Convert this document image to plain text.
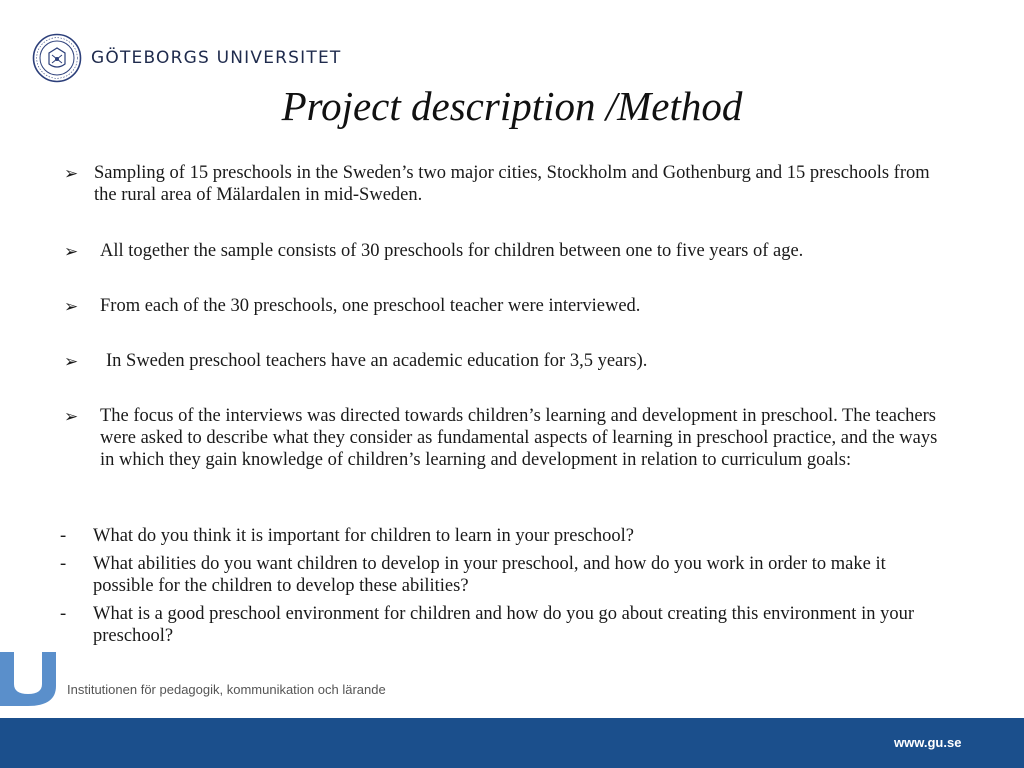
GÖTEBORGS UNIVERSITET
Project description /Method
➢ Sampling of 15 preschools in the Sweden’s two major cities, Stockholm and Gothenburg and 15 preschools from the rural area of Mälardalen in mid-Sweden.
➢ All together the sample consists of 30 preschools for children between one to five years of age.
➢ From each of the 30 preschools, one preschool teacher were interviewed.
➢ In Sweden preschool teachers have an academic education for 3,5 years).
➢ The focus of the interviews was directed towards children’s learning and development in preschool. The teachers were asked to describe what they consider as fundamental aspects of learning in preschool practice, and the ways in which they gain knowledge of children’s learning and development in relation to curriculum goals:
- What do you think it is important for children to learn in your preschool?
- What abilities do you want children to develop in your preschool, and how do you work in order to make it possible for the children to develop these abilities?
- What is a good preschool environment for children and how do you go about creating this environment in your preschool?
Institutionen för pedagogik, kommunikation och lärande
www.gu.se
